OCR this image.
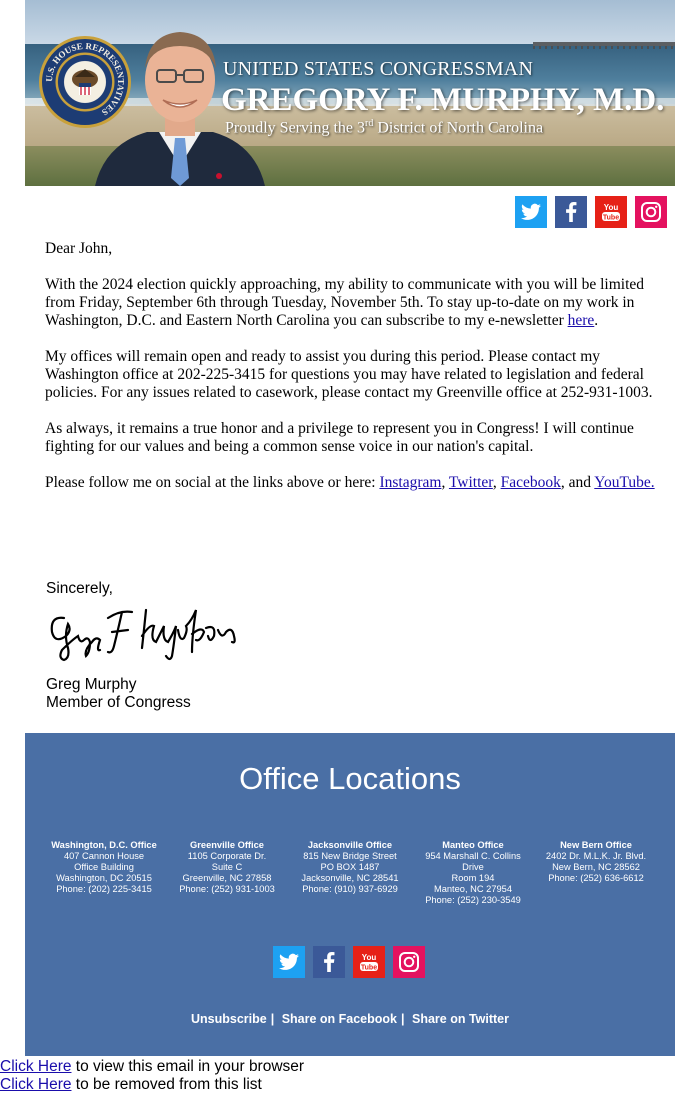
U.S. HOUSE REPRESENTATIVES
UNITED STATES CONGRESSMAN
GREGORY F. MURPHY, M.D.
Proudly Serving the 3rd District of North Carolina
You
Tube

Dear John,

With the 2024 election quickly approaching, my ability to communicate with you will be limited from Friday, September 6th through Tuesday, November 5th. To stay up-to-date on my work in Washington, D.C. and Eastern North Carolina you can subscribe to my e-newsletter here.

My offices will remain open and ready to assist you during this period. Please contact my Washington office at 202-225-3415 for questions you may have related to legislation and federal policies. For any issues related to casework, please contact my Greenville office at 252-931-1003.

As always, it remains a true honor and a privilege to represent you in Congress! I will continue fighting for our values and being a common sense voice in our nation's capital.

Please follow me on social at the links above or here: Instagram, Twitter, Facebook, and YouTube.

Sincerely,
Greg Murphy
Member of Congress
Office Locations
Washington, D.C. Office
407 Cannon House
Office Building
Washington, DC 20515
Phone: (202) 225-3415
Greenville Office
1105 Corporate Dr.
Suite C
Greenville, NC 27858
Phone: (252) 931-1003
Jacksonville Office
815 New Bridge Street
PO BOX 1487
Jacksonville, NC 28541
Phone: (910) 937-6929
Manteo Office
954 Marshall C. Collins
Drive
Room 194
Manteo, NC 27954
Phone: (252) 230-3549
New Bern Office
2402 Dr. M.L.K. Jr. Blvd.
New Bern, NC 28562
Phone: (252) 636-6612
You
Tube
Unsubscribe | Share on Facebook | Share on Twitter
Click Here to view this email in your browser
Click Here to be removed from this list
